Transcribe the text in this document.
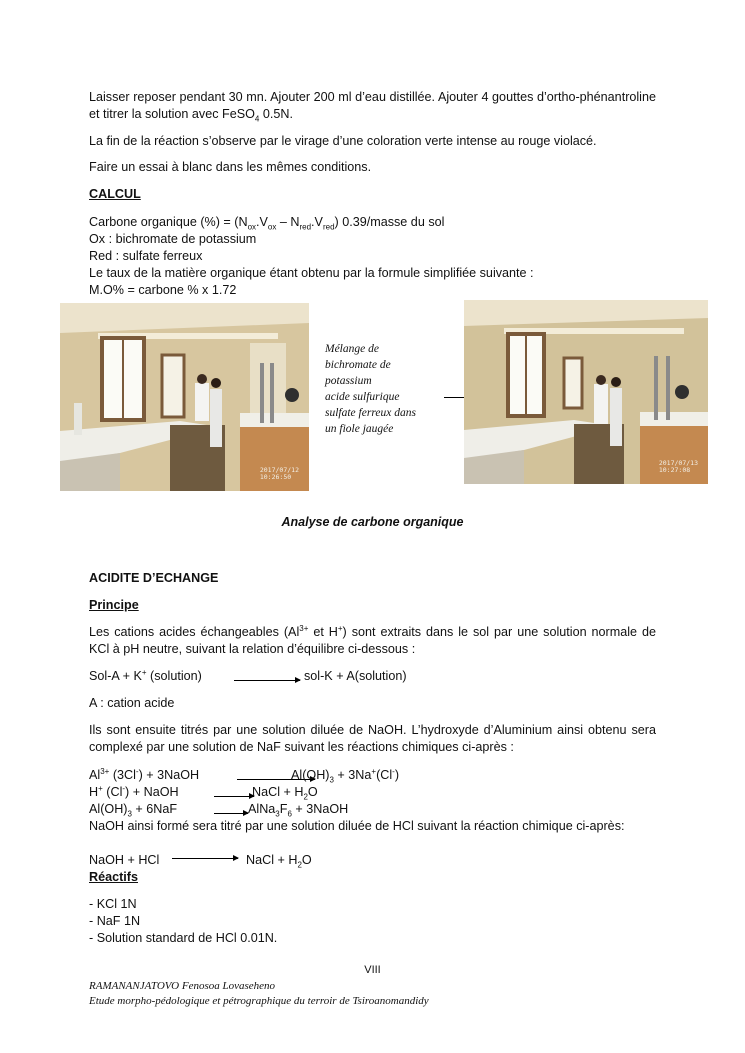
Laisser reposer pendant 30 mn. Ajouter 200 ml d’eau distillée. Ajouter 4 gouttes d’ortho-phénantroline et titrer la solution avec FeSO$_4$ 0.5N.
La fin de la réaction s’observe par le virage d’une coloration verte intense au rouge violacé.
Faire un essai à blanc dans les mêmes conditions.
CALCUL
Carbone organique (%) = $(N_{ox}.V_{ox} - N_{red}.V_{red})$ 0.39/masse du sol
Ox : bichromate de potassium
Red : sulfate ferreux
Le taux de la matière organique étant obtenu par la formule simplifiée suivante :
M.O% = carbone % x 1.72
2017/07/12
10:26:50
Mélange de
bichromate de
potassium
acide sulfurique
sulfate ferreux dans
un fiole jaugée
2017/07/13
10:27:08
Analyse de carbone organique
ACIDITE D’ECHANGE
Principe
Les cations acides échangeables ($Al^{3+}$ et H+) sont extraits dans le sol par une solution normale de KCl à pH neutre, suivant la relation d’équilibre ci-dessous :
Sol-A + K+ (solution)	sol-K + A(solution)
A : cation acide
Ils sont ensuite titrés par une solution diluée de NaOH. L’hydroxyde d’Aluminium ainsi obtenu sera complexé par une solution de NaF suivant les réactions chimiques ci-après :
$Al^{3+}$ (3Cl-) + 3NaOH	$Al(OH)_3 + 3Na^+(Cl^-)$
H+ (Cl-) + NaOH	NaCl + $H_2O$
$Al(OH)_3 + 6NaF$	→ $AlNa_3F_6$ + 3NaOH
NaOH ainsi formé sera titré par une solution diluée de HCl suivant la réaction chimique ci-après:
NaOH + HCl	NaCl + $H_2O$
Réactifs
- KCl 1N
- NaF 1N
- Solution standard de HCl 0.01N.
VIII
RAMANANJATOVO Fenosoa Lovaseheno
Etude morpho-pédologique et pétrographique du terroir de Tsiroanomandidy
